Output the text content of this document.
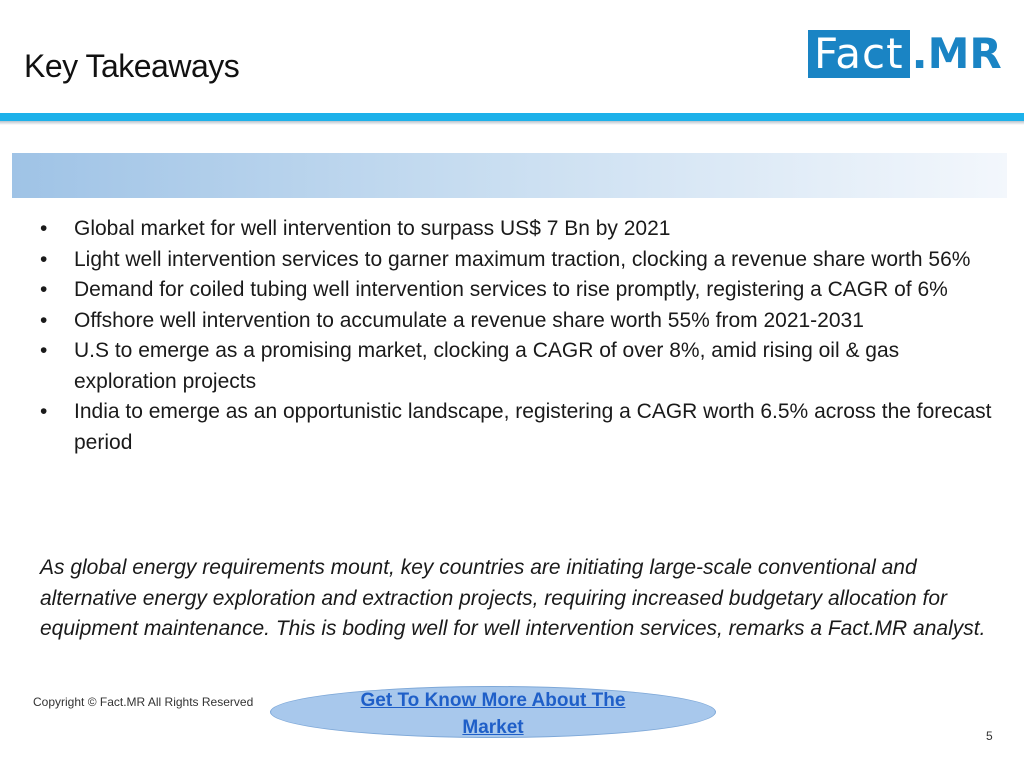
Key Takeaways	Fact .MR
•	Global market for well intervention to surpass US$ 7 Bn by 2021
•	Light well intervention services to garner maximum traction, clocking a revenue share worth 56%
•	Demand for coiled tubing well intervention services to rise promptly, registering a CAGR of 6%
•	Offshore well intervention to accumulate a revenue share worth 55% from 2021-2031
•	U.S to emerge as a promising market, clocking a CAGR of over 8%, amid rising oil & gas exploration projects
•	India to emerge as an opportunistic landscape, registering a CAGR worth 6.5% across the forecast period

As global energy requirements mount, key countries are initiating large-scale conventional and alternative energy exploration and extraction projects, requiring increased budgetary allocation for equipment maintenance. This is boding well for well intervention services, remarks a Fact.MR analyst.

Copyright © Fact.MR All Rights Reserved	Get To Know More About The
Market	5
